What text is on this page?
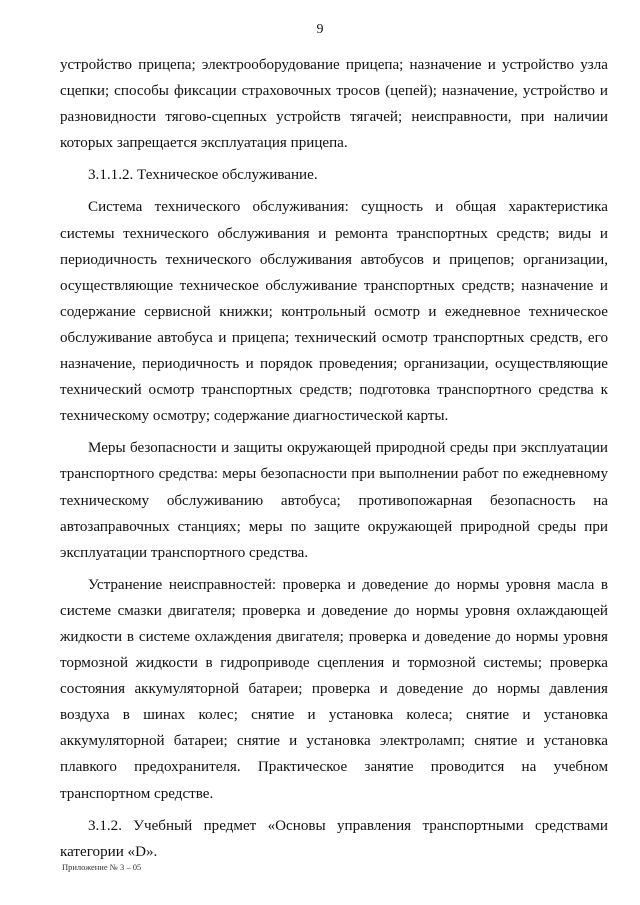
9

устройство прицепа; электрооборудование прицепа; назначение и устройство узла сцепки; способы фиксации страховочных тросов (цепей); назначение, устройство и разновидности тягово-сцепных устройств тягачей; неисправности, при наличии которых запрещается эксплуатация прицепа.

3.1.1.2. Техническое обслуживание.

Система технического обслуживания: сущность и общая характеристика системы технического обслуживания и ремонта транспортных средств; виды и периодичность технического обслуживания автобусов и прицепов; организации, осуществляющие техническое обслуживание транспортных средств; назначение и содержание сервисной книжки; контрольный осмотр и ежедневное техническое обслуживание автобуса и прицепа; технический осмотр транспортных средств, его назначение, периодичность и порядок проведения; организации, осуществляющие технический осмотр транспортных средств; подготовка транспортного средства к техническому осмотру; содержание диагностической карты.

Меры безопасности и защиты окружающей природной среды при эксплуатации транспортного средства: меры безопасности при выполнении работ по ежедневному техническому обслуживанию автобуса; противопожарная безопасность на автозаправочных станциях; меры по защите окружающей природной среды при эксплуатации транспортного средства.

Устранение неисправностей: проверка и доведение до нормы уровня масла в системе смазки двигателя; проверка и доведение до нормы уровня охлаждающей жидкости в системе охлаждения двигателя; проверка и доведение до нормы уровня тормозной жидкости в гидроприводе сцепления и тормозной системы; проверка состояния аккумуляторной батареи; проверка и доведение до нормы давления воздуха в шинах колес; снятие и установка колеса; снятие и установка аккумуляторной батареи; снятие и установка электроламп; снятие и установка плавкого предохранителя. Практическое занятие проводится на учебном транспортном средстве.

3.1.2. Учебный предмет «Основы управления транспортными средствами категории «D».

Приложение № 3 – 05
